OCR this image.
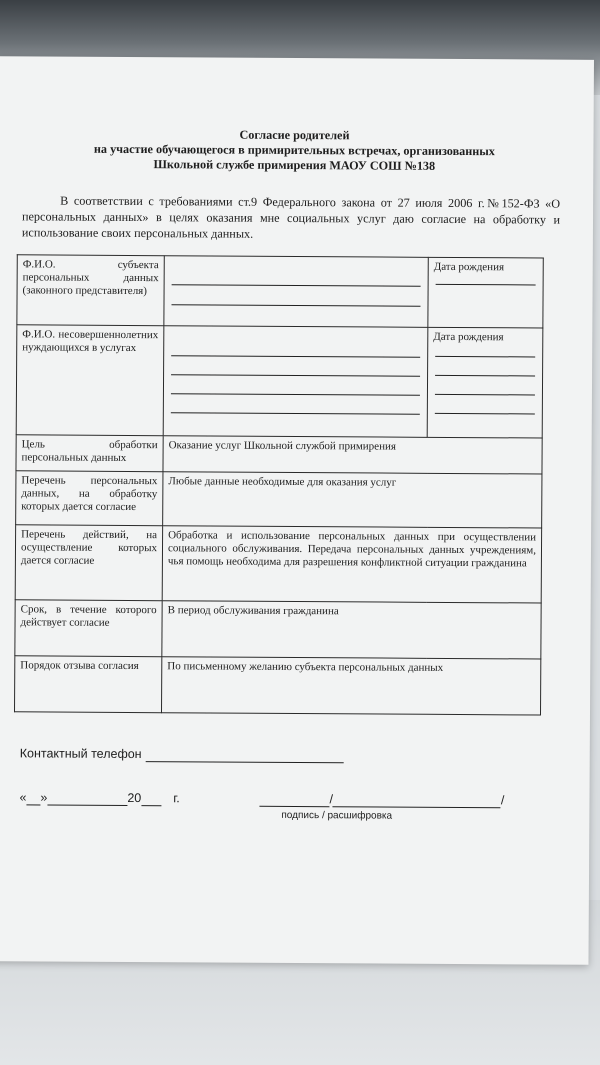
Согласие родителей
на участие обучающегося в примирительных встречах, организованных
Школьной службе примирения МАОУ СОШ №138
В соответствии с требованиями ст.9 Федерального закона от 27 июля 2006 г.№152-ФЗ «О персональных данных» в целях оказания мне социальных услуг даю согласие на обработку и использование своих персональных данных.
Ф.И.О. субъекта персональных данных (законного представителя)		Дата рождения

Ф.И.О. несовершеннолетних нуждающихся в услугах		Дата рождения

Цель обработки персональных данных	Оказание услуг Школьной службой примирения	
Перечень персональных данных, на обработку которых дается согласие	Любые данные необходимые для оказания услуг	
Перечень действий, на осуществление которых дается согласие	Обработка и использование персональных данных при осуществлении социального обслуживания. Передача персональных данных учреждениям, чья помощь необходима для разрешения конфликтной ситуации гражданина	
Срок, в течение которого действует согласие	В период обслуживания гражданина	
Порядок отзыва согласия	По письменному желанию субъекта персональных данных	
Контактный телефон
« »	20	г.	/	/
подпись / расшифровка
